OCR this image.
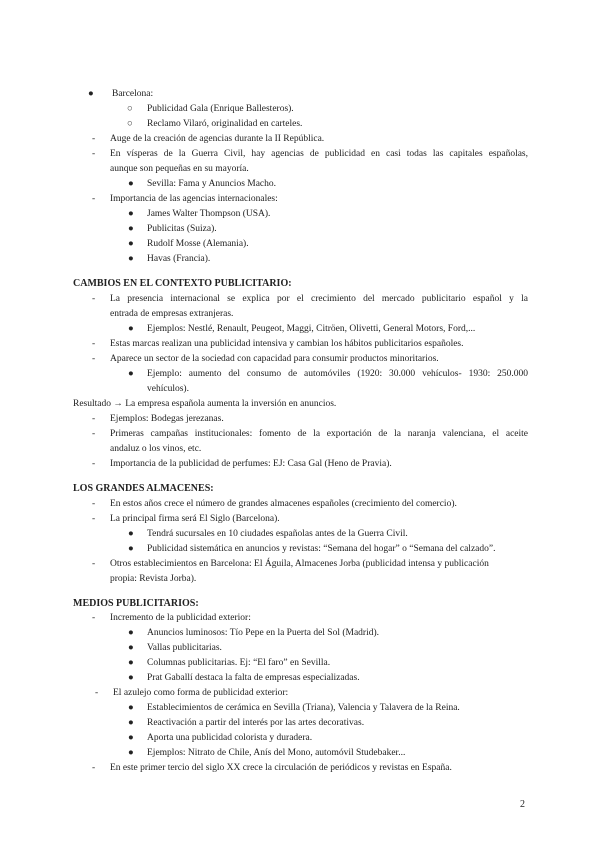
● Barcelona:
○ Publicidad Gala (Enrique Ballesteros).
○ Reclamo Vilaró, originalidad en carteles.
- Auge de la creación de agencias durante la II República.
- En vísperas de la Guerra Civil, hay agencias de publicidad en casi todas las capitales españolas,
aunque son pequeñas en su mayoría.
● Sevilla: Fama y Anuncios Macho.
- Importancia de las agencias internacionales:
● James Walter Thompson (USA).
● Publicitas (Suiza).
● Rudolf Mosse (Alemania).
● Havas (Francia).
CAMBIOS EN EL CONTEXTO PUBLICITARIO:
- La presencia internacional se explica por el crecimiento del mercado publicitario español y la
entrada de empresas extranjeras.
● Ejemplos: Nestlé, Renault, Peugeot, Maggi, Citröen, Olivetti, General Motors, Ford,...
- Estas marcas realizan una publicidad intensiva y cambian los hábitos publicitarios españoles.
- Aparece un sector de la sociedad con capacidad para consumir productos minoritarios.
● Ejemplo: aumento del consumo de automóviles (1920: 30.000 vehículos- 1930: 250.000
vehículos).
Resultado → La empresa española aumenta la inversión en anuncios.
- Ejemplos: Bodegas jerezanas.
- Primeras campañas institucionales: fomento de la exportación de la naranja valenciana, el aceite
andaluz o los vinos, etc.
- Importancia de la publicidad de perfumes: EJ: Casa Gal (Heno de Pravia).
LOS GRANDES ALMACENES:
- En estos años crece el número de grandes almacenes españoles (crecimiento del comercio).
- La principal firma será El Siglo (Barcelona).
● Tendrá sucursales en 10 ciudades españolas antes de la Guerra Civil.
● Publicidad sistemática en anuncios y revistas: “Semana del hogar” o “Semana del calzado”.
- Otros establecimientos en Barcelona: El Águila, Almacenes Jorba (publicidad intensa y publicación
propia: Revista Jorba).
MEDIOS PUBLICITARIOS:
- Incremento de la publicidad exterior:
● Anuncios luminosos: Tío Pepe en la Puerta del Sol (Madrid).
● Vallas publicitarias.
● Columnas publicitarias. Ej: “El faro” en Sevilla.
● Prat Gaballí destaca la falta de empresas especializadas.
- El azulejo como forma de publicidad exterior:
● Establecimientos de cerámica en Sevilla (Triana), Valencia y Talavera de la Reina.
● Reactivación a partir del interés por las artes decorativas.
● Aporta una publicidad colorista y duradera.
● Ejemplos: Nitrato de Chile, Anís del Mono, automóvil Studebaker...
- En este primer tercio del siglo XX crece la circulación de periódicos y revistas en España.
2
